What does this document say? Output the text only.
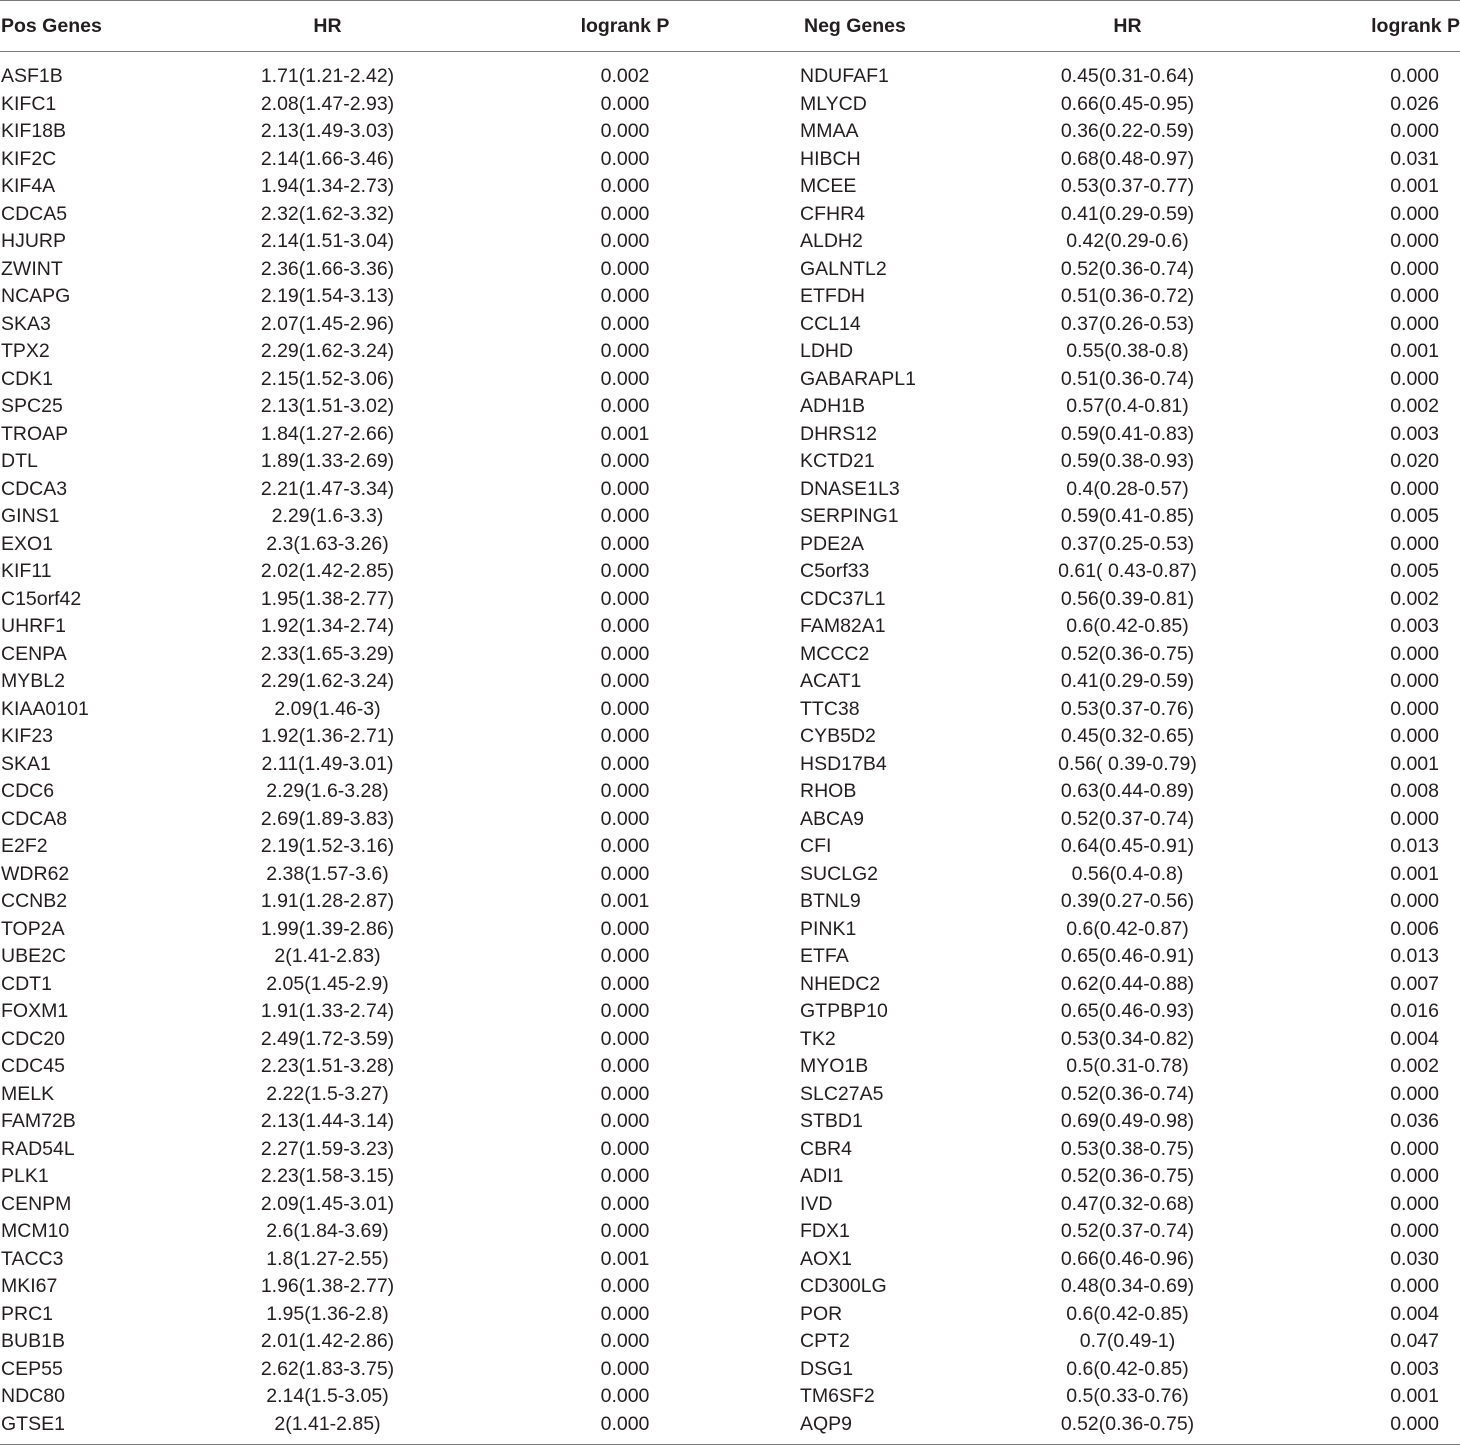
Pos Genes	HR	logrank P	Neg Genes	HR	logrank P
ASF1B	1.71(1.21-2.42)	0.002	NDUFAF1	0.45(0.31-0.64)	0.000
KIFC1	2.08(1.47-2.93)	0.000	MLYCD	0.66(0.45-0.95)	0.026
KIF18B	2.13(1.49-3.03)	0.000	MMAA	0.36(0.22-0.59)	0.000
KIF2C	2.14(1.66-3.46)	0.000	HIBCH	0.68(0.48-0.97)	0.031
KIF4A	1.94(1.34-2.73)	0.000	MCEE	0.53(0.37-0.77)	0.001
CDCA5	2.32(1.62-3.32)	0.000	CFHR4	0.41(0.29-0.59)	0.000
HJURP	2.14(1.51-3.04)	0.000	ALDH2	0.42(0.29-0.6)	0.000
ZWINT	2.36(1.66-3.36)	0.000	GALNTL2	0.52(0.36-0.74)	0.000
NCAPG	2.19(1.54-3.13)	0.000	ETFDH	0.51(0.36-0.72)	0.000
SKA3	2.07(1.45-2.96)	0.000	CCL14	0.37(0.26-0.53)	0.000
TPX2	2.29(1.62-3.24)	0.000	LDHD	0.55(0.38-0.8)	0.001
CDK1	2.15(1.52-3.06)	0.000	GABARAPL1	0.51(0.36-0.74)	0.000
SPC25	2.13(1.51-3.02)	0.000	ADH1B	0.57(0.4-0.81)	0.002
TROAP	1.84(1.27-2.66)	0.001	DHRS12	0.59(0.41-0.83)	0.003
DTL	1.89(1.33-2.69)	0.000	KCTD21	0.59(0.38-0.93)	0.020
CDCA3	2.21(1.47-3.34)	0.000	DNASE1L3	0.4(0.28-0.57)	0.000
GINS1	2.29(1.6-3.3)	0.000	SERPING1	0.59(0.41-0.85)	0.005
EXO1	2.3(1.63-3.26)	0.000	PDE2A	0.37(0.25-0.53)	0.000
KIF11	2.02(1.42-2.85)	0.000	C5orf33	0.61( 0.43-0.87)	0.005
C15orf42	1.95(1.38-2.77)	0.000	CDC37L1	0.56(0.39-0.81)	0.002
UHRF1	1.92(1.34-2.74)	0.000	FAM82A1	0.6(0.42-0.85)	0.003
CENPA	2.33(1.65-3.29)	0.000	MCCC2	0.52(0.36-0.75)	0.000
MYBL2	2.29(1.62-3.24)	0.000	ACAT1	0.41(0.29-0.59)	0.000
KIAA0101	2.09(1.46-3)	0.000	TTC38	0.53(0.37-0.76)	0.000
KIF23	1.92(1.36-2.71)	0.000	CYB5D2	0.45(0.32-0.65)	0.000
SKA1	2.11(1.49-3.01)	0.000	HSD17B4	0.56( 0.39-0.79)	0.001
CDC6	2.29(1.6-3.28)	0.000	RHOB	0.63(0.44-0.89)	0.008
CDCA8	2.69(1.89-3.83)	0.000	ABCA9	0.52(0.37-0.74)	0.000
E2F2	2.19(1.52-3.16)	0.000	CFI	0.64(0.45-0.91)	0.013
WDR62	2.38(1.57-3.6)	0.000	SUCLG2	0.56(0.4-0.8)	0.001
CCNB2	1.91(1.28-2.87)	0.001	BTNL9	0.39(0.27-0.56)	0.000
TOP2A	1.99(1.39-2.86)	0.000	PINK1	0.6(0.42-0.87)	0.006
UBE2C	2(1.41-2.83)	0.000	ETFA	0.65(0.46-0.91)	0.013
CDT1	2.05(1.45-2.9)	0.000	NHEDC2	0.62(0.44-0.88)	0.007
FOXM1	1.91(1.33-2.74)	0.000	GTPBP10	0.65(0.46-0.93)	0.016
CDC20	2.49(1.72-3.59)	0.000	TK2	0.53(0.34-0.82)	0.004
CDC45	2.23(1.51-3.28)	0.000	MYO1B	0.5(0.31-0.78)	0.002
MELK	2.22(1.5-3.27)	0.000	SLC27A5	0.52(0.36-0.74)	0.000
FAM72B	2.13(1.44-3.14)	0.000	STBD1	0.69(0.49-0.98)	0.036
RAD54L	2.27(1.59-3.23)	0.000	CBR4	0.53(0.38-0.75)	0.000
PLK1	2.23(1.58-3.15)	0.000	ADI1	0.52(0.36-0.75)	0.000
CENPM	2.09(1.45-3.01)	0.000	IVD	0.47(0.32-0.68)	0.000
MCM10	2.6(1.84-3.69)	0.000	FDX1	0.52(0.37-0.74)	0.000
TACC3	1.8(1.27-2.55)	0.001	AOX1	0.66(0.46-0.96)	0.030
MKI67	1.96(1.38-2.77)	0.000	CD300LG	0.48(0.34-0.69)	0.000
PRC1	1.95(1.36-2.8)	0.000	POR	0.6(0.42-0.85)	0.004
BUB1B	2.01(1.42-2.86)	0.000	CPT2	0.7(0.49-1)	0.047
CEP55	2.62(1.83-3.75)	0.000	DSG1	0.6(0.42-0.85)	0.003
NDC80	2.14(1.5-3.05)	0.000	TM6SF2	0.5(0.33-0.76)	0.001
GTSE1	2(1.41-2.85)	0.000	AQP9	0.52(0.36-0.75)	0.000
